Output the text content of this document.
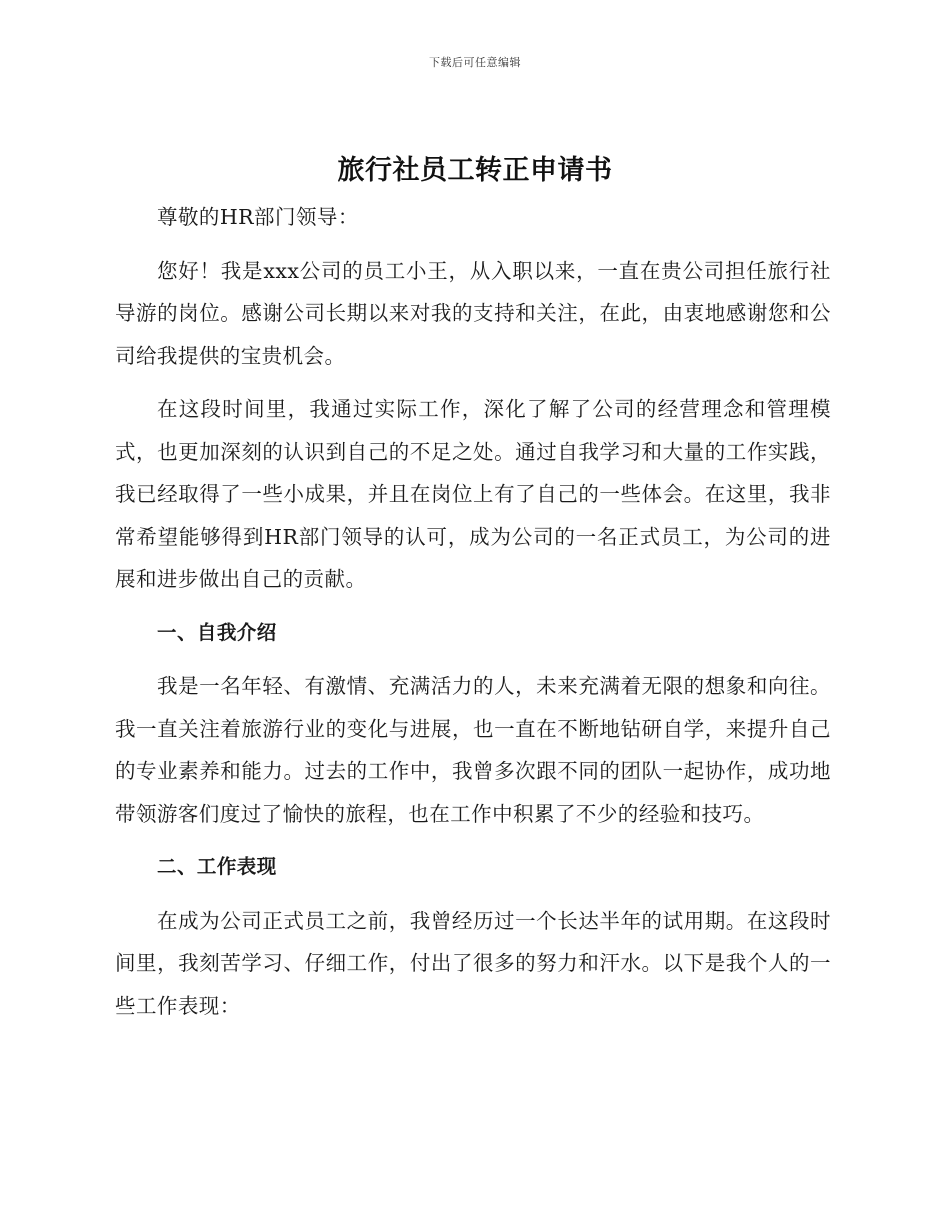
下载后可任意编辑
旅行社员工转正申请书

尊敬的HR部门领导：

您好！我是xxx公司的员工小王，从入职以来，一直在贵公司担任旅行社导游的岗位。感谢公司长期以来对我的支持和关注，在此，由衷地感谢您和公司给我提供的宝贵机会。

在这段时间里，我通过实际工作，深化了解了公司的经营理念和管理模式，也更加深刻的认识到自己的不足之处。通过自我学习和大量的工作实践，我已经取得了一些小成果，并且在岗位上有了自己的一些体会。在这里，我非常希望能够得到HR部门领导的认可，成为公司的一名正式员工，为公司的进展和进步做出自己的贡献。

一、自我介绍

我是一名年轻、有激情、充满活力的人，未来充满着无限的想象和向往。我一直关注着旅游行业的变化与进展，也一直在不断地钻研自学，来提升自己的专业素养和能力。过去的工作中，我曾多次跟不同的团队一起协作，成功地带领游客们度过了愉快的旅程，也在工作中积累了不少的经验和技巧。

二、工作表现

在成为公司正式员工之前，我曾经历过一个长达半年的试用期。在这段时间里，我刻苦学习、仔细工作，付出了很多的努力和汗水。以下是我个人的一些工作表现：
